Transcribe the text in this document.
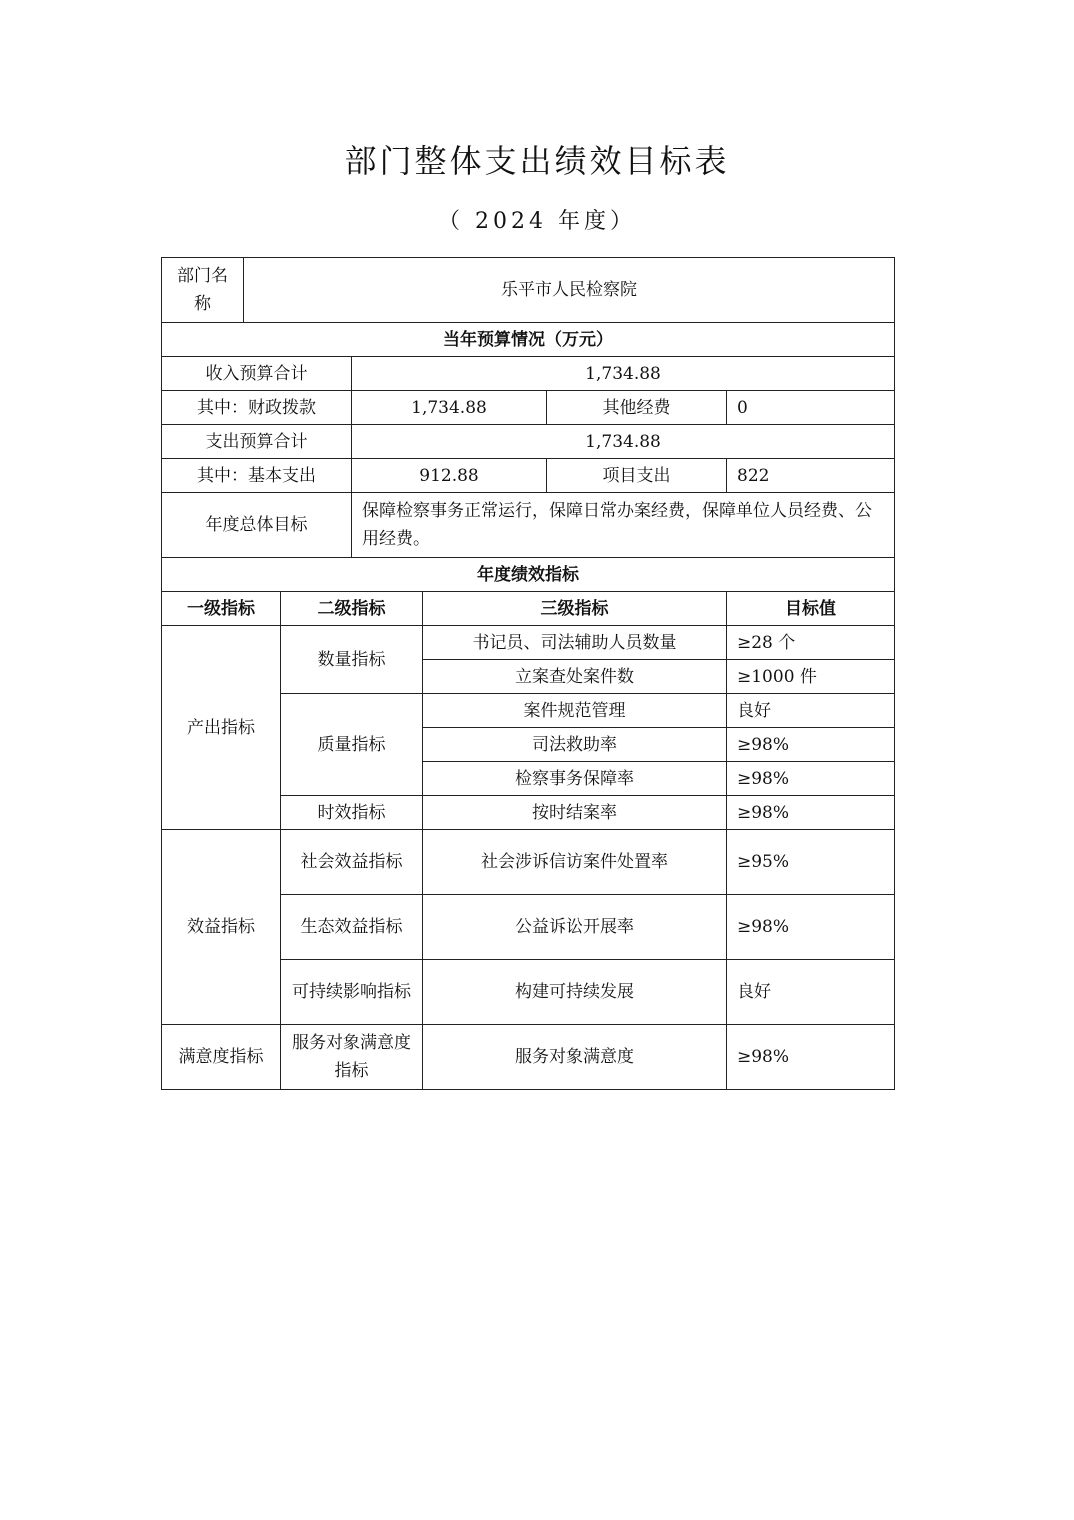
部门整体支出绩效目标表
（ 2024 年度）
部门名称	乐平市人民检察院					
当年预算情况（万元）						
收入预算合计			1,734.88			
其中：财政拨款			1,734.88		其他经费	0
支出预算合计			1,734.88			
其中：基本支出			912.88		项目支出	822
年度总体目标			保障检察事务正常运行，保障日常办案经费，保障单位人员经费、公用经费。			
年度绩效指标						
一级指标		二级指标		三级指标		目标值
产出指标		数量指标		书记员、司法辅助人员数量		≥28 个
				立案查处案件数		≥1000 件
		质量指标		案件规范管理		良好
				司法救助率		≥98%
				检察事务保障率		≥98%
		时效指标		按时结案率		≥98%
效益指标		社会效益指标		社会涉诉信访案件处置率		≥95%
		生态效益指标		公益诉讼开展率		≥98%
		可持续影响指标		构建可持续发展		良好
满意度指标		服务对象满意度指标		服务对象满意度		≥98%
